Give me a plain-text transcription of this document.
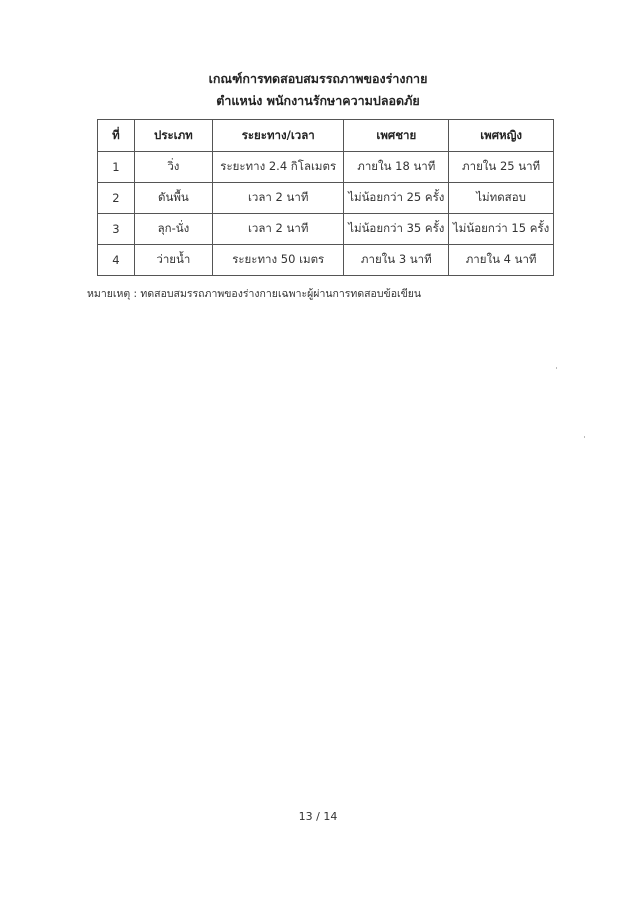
เกณฑ์การทดสอบสมรรถภาพของร่างกาย
ตำแหน่ง พนักงานรักษาความปลอดภัย
ที่	ประเภท	ระยะทาง/เวลา	เพศชาย	เพศหญิง
1	วิ่ง	ระยะทาง 2.4 กิโลเมตร	ภายใน 18 นาที	ภายใน 25 นาที
2	ดันพื้น	เวลา 2 นาที	ไม่น้อยกว่า 25 ครั้ง	ไม่ทดสอบ
3	ลุก-นั่ง	เวลา 2 นาที	ไม่น้อยกว่า 35 ครั้ง	ไม่น้อยกว่า 15 ครั้ง
4	ว่ายน้ำ	ระยะทาง 50 เมตร	ภายใน 3 นาที	ภายใน 4 นาที
หมายเหตุ : ทดสอบสมรรถภาพของร่างกายเฉพาะผู้ผ่านการทดสอบข้อเขียน
13 / 14
